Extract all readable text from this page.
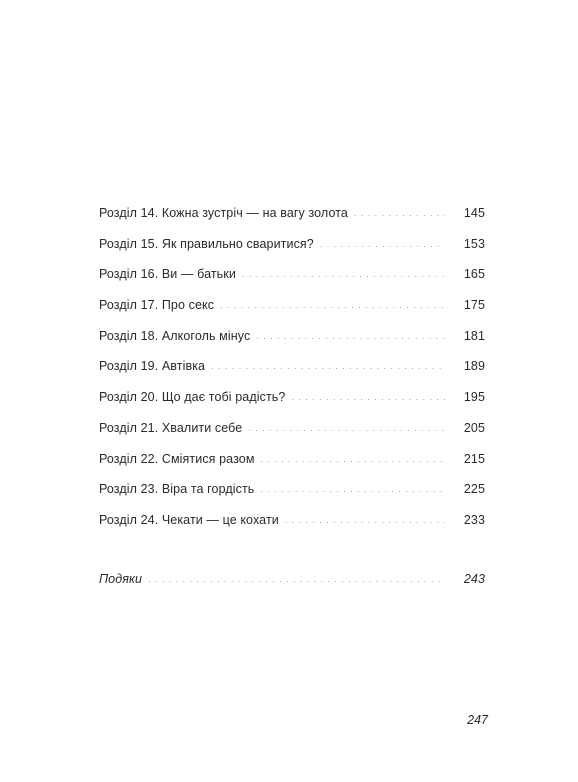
Розділ 14. Кожна зустріч — на вагу золота . . .	145
Розділ 15. Як правильно сваритися? . . .	153
Розділ 16. Ви — батьки . . .	165
Розділ 17. Про секс . . .	175
Розділ 18. Алкоголь мінус . . .	181
Розділ 19. Автівка . . .	189
Розділ 20. Що дає тобі радість? . . .	195
Розділ 21. Хвалити себе . . .	205
Розділ 22. Сміятися разом . . .	215
Розділ 23. Віра та гордість . . .	225
Розділ 24. Чекати — це кохати . . .	233
Подяки . . .	243
247
